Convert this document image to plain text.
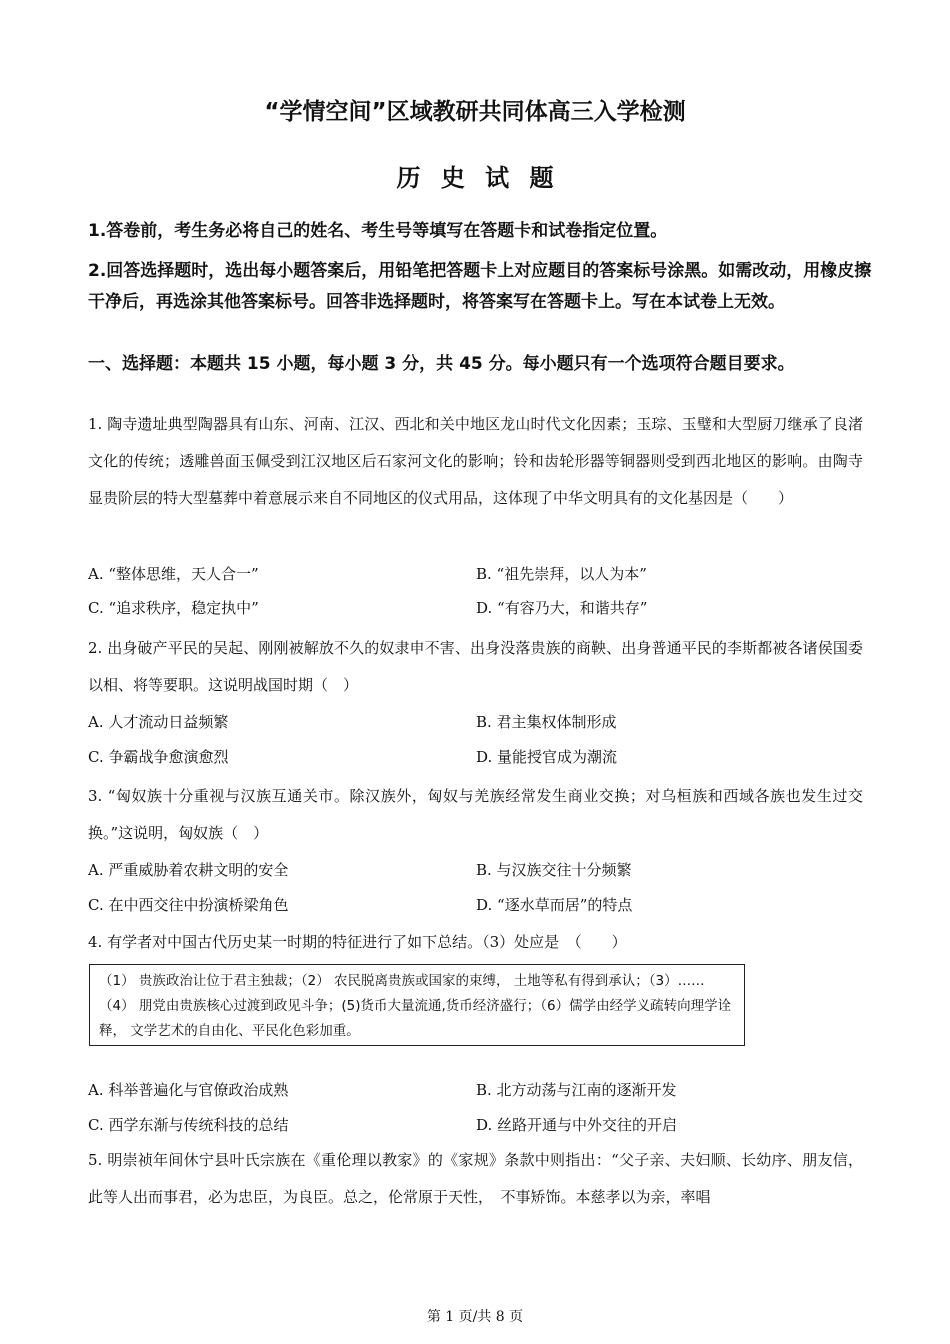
“学情空间”区域教研共同体高三入学检测
历 史 试 题
1.答卷前，考生务必将自己的姓名、考生号等填写在答题卡和试卷指定位置。
2.回答选择题时，选出每小题答案后，用铅笔把答题卡上对应题目的答案标号涂黑。如需改动，用橡皮擦干净后，再选涂其他答案标号。回答非选择题时，将答案写在答题卡上。写在本试卷上无效。
一、选择题：本题共 15 小题，每小题 3 分，共 45 分。每小题只有一个选项符合题目要求。
1. 陶寺遗址典型陶器具有山东、河南、江汉、西北和关中地区龙山时代文化因素；玉琮、玉璧和大型厨刀继承了良渚文化的传统；透雕兽面玉佩受到江汉地区后石家河文化的影响；铃和齿轮形器等铜器则受到西北地区的影响。由陶寺显贵阶层的特大型墓葬中着意展示来自不同地区的仪式用品，这体现了中华文明具有的文化基因是（　　）
A. “整体思维，天人合一”	B. “祖先崇拜，以人为本”
C. “追求秩序，稳定执中”	D. “有容乃大，和谐共存”
2. 出身破产平民的吴起、刚刚被解放不久的奴隶申不害、出身没落贵族的商鞅、出身普通平民的李斯都被各诸侯国委以相、将等要职。这说明战国时期（　）
A. 人才流动日益频繁	B. 君主集权体制形成
C. 争霸战争愈演愈烈	D. 量能授官成为潮流
3. “匈奴族十分重视与汉族互通关市。除汉族外，匈奴与羌族经常发生商业交换；对乌桓族和西域各族也发生过交换。”这说明，匈奴族（　）
A. 严重威胁着农耕文明的安全	B. 与汉族交往十分频繁
C. 在中西交往中扮演桥梁角色	D. “逐水草而居”的特点
4. 有学者对中国古代历史某一时期的特征进行了如下总结。（3）处应是　（　　）
（1） 贵族政治让位于君主独裁；（2） 农民脱离贵族或国家的束缚， 土地等私有得到承认；（3）…… （4） 朋党由贵族核心过渡到政见斗争；(5)货币大量流通,货币经济盛行；（6）儒学由经学义疏转向理学诠释， 文学艺术的自由化、平民化色彩加重。
A. 科举普遍化与官僚政治成熟	B. 北方动荡与江南的逐渐开发
C. 西学东渐与传统科技的总结	D. 丝路开通与中外交往的开启
5. 明崇祯年间休宁县叶氏宗族在《重伦理以教家》的《家规》条款中则指出：“父子亲、夫妇顺、长幼序、朋友信，此等人出而事君，必为忠臣，为良臣。总之，伦常原于天性，　不事矫饰。本慈孝以为亲，率唱
第 1 页/共 8 页
